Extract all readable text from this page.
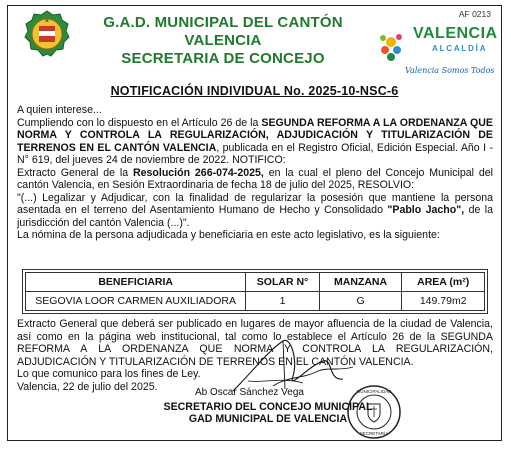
G.A.D. MUNICIPAL DEL CANTÓN VALENCIA
SECRETARIA DE CONCEJO
AF 0213
VALENCIA
ALCALDÍA
Valencia Somos Todos
NOTIFICACIÓN INDIVIDUAL No. 2025-10-NSC-6

A quien interese...

Cumpliendo con lo dispuesto en el Artículo 26 de la SEGUNDA REFORMA A LA ORDENANZA QUE NORMA Y CONTROLA LA REGULARIZACIÓN, ADJUDICACIÓN Y TITULARIZACIÓN DE TERRENOS EN EL CANTÓN VALENCIA, publicada en el Registro Oficial, Edición Especial. Año I - N° 619, del jueves 24 de noviembre de 2022. NOTIFICO:

Extracto General de la Resolución 266-074-2025, en la cual el pleno del Concejo Municipal del cantón Valencia, en Sesión Extraordinaria de fecha 18 de julio del 2025, RESOLVIO:

"(...) Legalizar y Adjudicar, con la finalidad de regularizar la posesión que mantiene la persona asentada en el terreno del Asentamiento Humano de Hecho y Consolidado "Pablo Jacho", de la jurisdicción del cantón Valencia (...)".

La nómina de la persona adjudicada y beneficiaria en este acto legislativo, es la siguiente:

BENEFICIARIA	SOLAR N°	MANZANA	AREA (m²)
SEGOVIA LOOR CARMEN AUXILIADORA	1	G	149.79m2

Extracto General que deberá ser publicado en lugares de mayor afluencia de la ciudad de Valencia, así como en la página web institucional, tal como lo establece el Artículo 26 de la SEGUNDA REFORMA A LA ORDENANZA QUE NORMA Y CONTROLA LA REGULARIZACIÓN, ADJUDICACIÓN Y TITULARIZACIÓN DE TERRENOS EN EL CANTÓN VALENCIA.

Lo que comunico para los fines de Ley.

Valencia, 22 de julio del 2025.	Ab Oscar Sánchez Vega
SECRETARIO DEL CONCEJO MUNICIPAL
GAD MUNICIPAL DE VALENCIA
MUNICIPALIDAD
SECRETARÍA
